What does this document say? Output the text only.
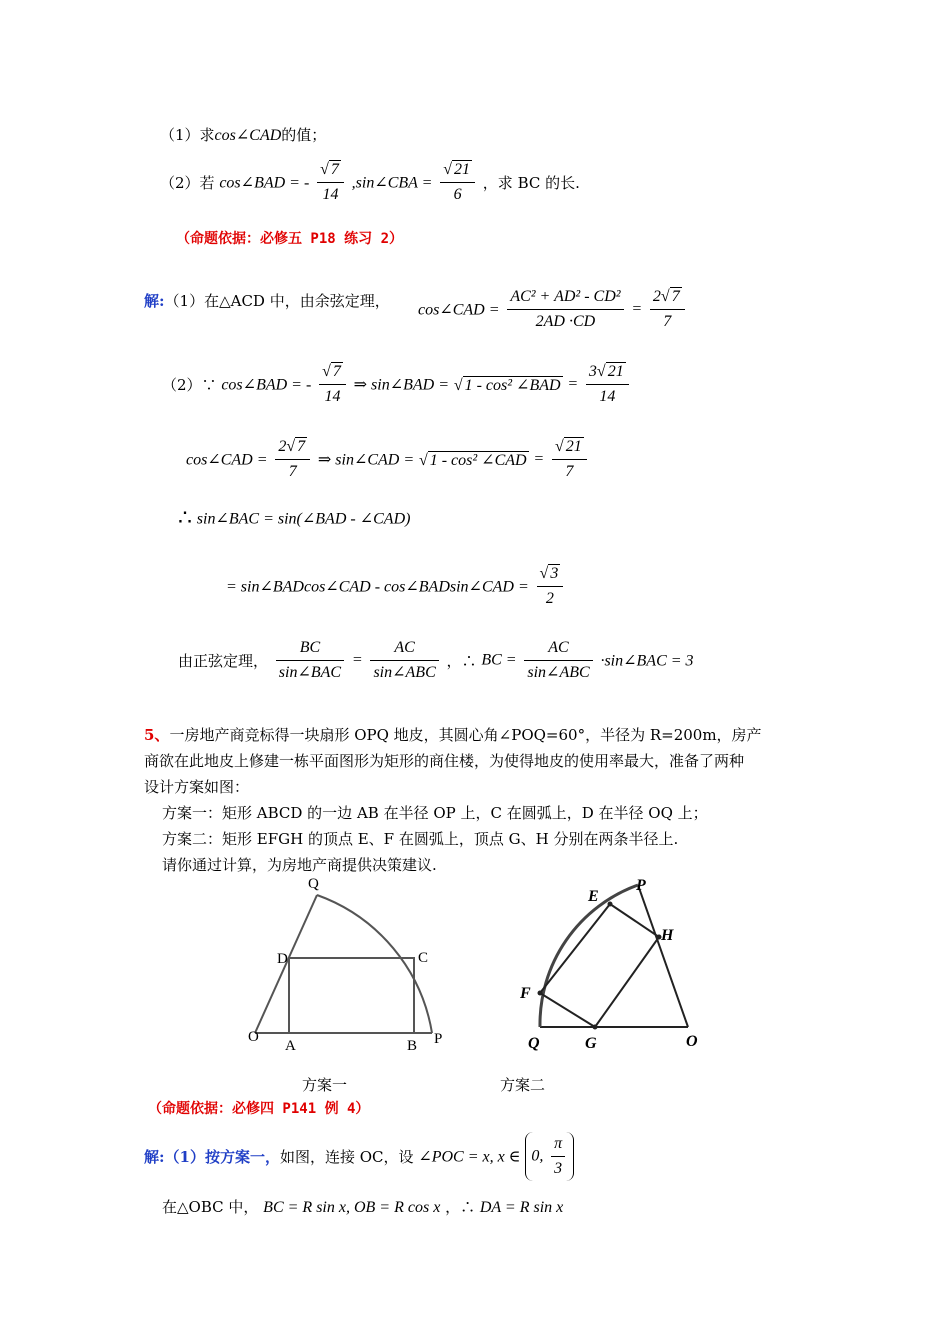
（1）求cos∠CAD的值；
（2）若 cos∠BAD = - $\frac{√ 7}{14}$ ,sin∠CBA = $\frac{√ 21}{6}$ ，求 BC 的长.
（命题依据：必修五 P18 练习 2）
解:（1）在△ACD 中，由余弦定理， cos∠CAD = $\frac{\text{AC² + AD² - CD²}}{2AD \cdot CD} = \frac{2√ 7}{7}$
（2）∵ cos∠BAD = - $\frac{√ 7}{14}$ ⇒ sin∠BAD = √ 1 - cos² ∠BAD = $\frac{3√ 21}{14}$
cos∠CAD = $\frac{2√ 7}{7}$ ⇒ sin∠CAD = √ 1 - cos² ∠CAD = $\frac{√ 21}{7}$
∴ sin∠BAC = sin(∠BAD - ∠CAD)
= sin∠BADcos∠CAD - cos∠BADsin∠CAD = $\frac{√ 3}{2}$
由正弦定理， $\frac{BC}{\text{sin∠BAC}} = \frac{AC}{\text{sin∠ABC}}$ ，∴ BC = $\frac{AC}{\text{sin∠ABC}}$ ·sin∠BAC = 3
5、一房地产商竞标得一块扇形 OPQ 地皮，其圆心角∠POQ=60°，半径为 R=200m，房产
商欲在此地皮上修建一栋平面图形为矩形的商住楼，为使得地皮的使用率最大，准备了两种
设计方案如图：
方案一：矩形 ABCD 的一边 AB 在半径 OP 上，C 在圆弧上，D 在半径 OQ 上；
方案二：矩形 EFGH 的顶点 E、F 在圆弧上，顶点 G、H 分别在两条半径上.
请你通过计算，为房地产商提供决策建议.
Q
D	C
O
A	B P
E
P
H
F
Q	G	O
方案一	方案二
（命题依据：必修四 P141 例 4）
解:（1）按方案一，如图，连接 OC，设 ∠POC = x, x ∈ 0, $\frac{\pi}{3}$
在△OBC 中， BC = R sin x, OB = R cos x ，∴ DA = R sin x
